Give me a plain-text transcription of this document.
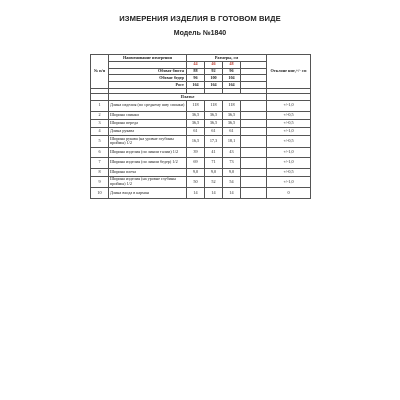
ИЗМЕРЕНИЯ ИЗДЕЛИЯ В ГОТОВОМ ВИДЕ
Модель №1840
№ п/п	Наименование измерения	Размеры, см				Отклоне ние,+/- см
		44	46	48		
	Обхват бюста	88	92	96		
	Обхват бедер	96	100	104		
	Рост	164	164	164		

	Платье					
1	Длина изделия (по среднему шву спинки)	118	118	118		+/-1,0
2	Ширина спинки	36,5	36,5	36,5		+/-0,5
3	Ширина переда	36,5	36,5	36,5		+/-0,5
4	Длина рукава	61	61	61		+/-1,0
5	Ширина рукава (на уровне глубины проймы) 1/2	16,5	17,3	18,1		+/-0,5
6	Ширина изделия (по линии талии) 1/2	39	41	43		+/-1,0
7	Ширина изделия (по линии бедер) 1/2	69	71	73		+/-1,0
8	Ширина плеча	9,0	9,0	9,0		+/-0,5
9	Ширина изделия (на уровне глубины проймы) 1/2	50	52	54		+/-1,0
10	Длина входа в карман	14	14	14		0
